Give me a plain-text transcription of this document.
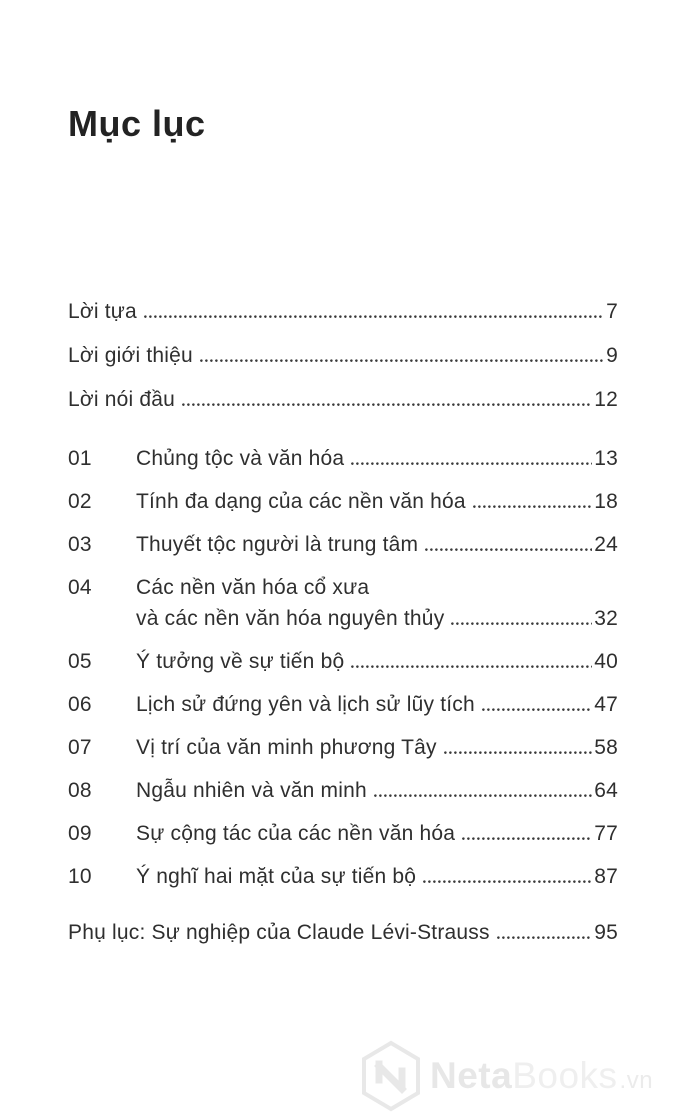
Mục lục
Lời tựa	7
Lời giới thiệu	9
Lời nói đầu	12
01	Chủng tộc và văn hóa	13
02	Tính đa dạng của các nền văn hóa	18
03	Thuyết tộc người là trung tâm	24
04	Các nền văn hóa cổ xưa
và các nền văn hóa nguyên thủy	32
05	Ý tưởng về sự tiến bộ	40
06	Lịch sử đứng yên và lịch sử lũy tích	47
07	Vị trí của văn minh phương Tây	58
08	Ngẫu nhiên và văn minh	64
09	Sự cộng tác của các nền văn hóa	77
10	Ý nghĩ hai mặt của sự tiến bộ	87
Phụ lục: Sự nghiệp của Claude Lévi-Strauss	95
NetaBooks.vn
